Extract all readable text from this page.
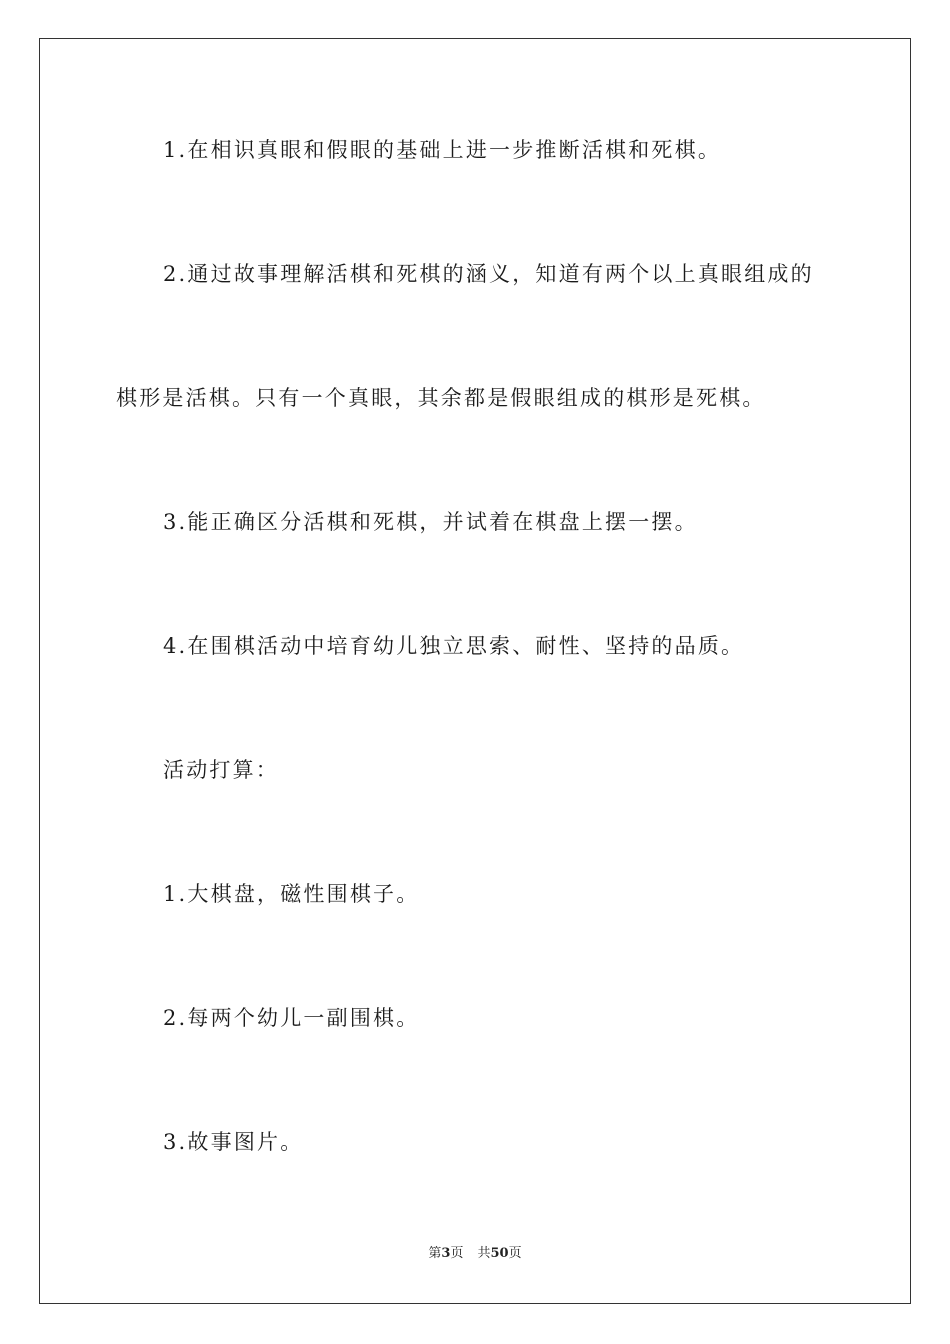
1.在相识真眼和假眼的基础上进一步推断活棋和死棋。

2.通过故事理解活棋和死棋的涵义，知道有两个以上真眼组成的

棋形是活棋。只有一个真眼，其余都是假眼组成的棋形是死棋。

3.能正确区分活棋和死棋，并试着在棋盘上摆一摆。

4.在围棋活动中培育幼儿独立思索、耐性、坚持的品质。

活动打算：

1.大棋盘，磁性围棋子。

2.每两个幼儿一副围棋。

3.故事图片。

第3页 共50页
